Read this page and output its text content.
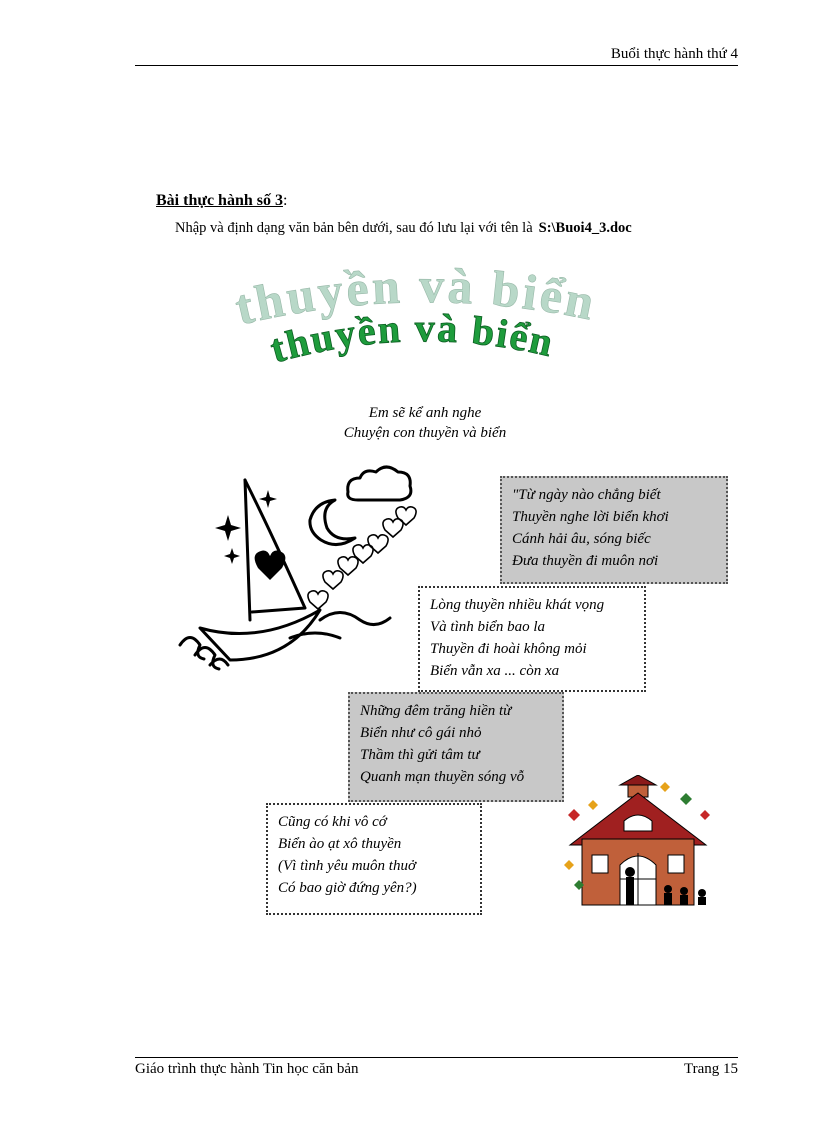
Buổi thực hành thứ 4
Bài thực hành số 3:
Nhập và định dạng văn bản bên dưới, sau đó lưu lại với tên là S:\Buoi4_3.doc
thuyền và biển
thuyền và biển
Em sẽ kể anh nghe
Chuyện con thuyền và biển
"Từ ngày nào chẳng biết
Thuyền nghe lời biển khơi
Cánh hải âu, sóng biếc
Đưa thuyền đi muôn nơi
Lòng thuyền nhiều khát vọng
Và tình biển bao la
Thuyền đi hoài không mỏi
Biển vẫn xa ... còn xa
Những đêm trăng hiền từ
Biển như cô gái nhỏ
Thầm thì gửi tâm tư
Quanh mạn thuyền sóng vỗ
Cũng có khi vô cớ
Biển ào ạt xô thuyền
(Vì tình yêu muôn thuở
Có bao giờ đứng yên?)
Giáo trình thực hành Tin học căn bản	Trang 15
